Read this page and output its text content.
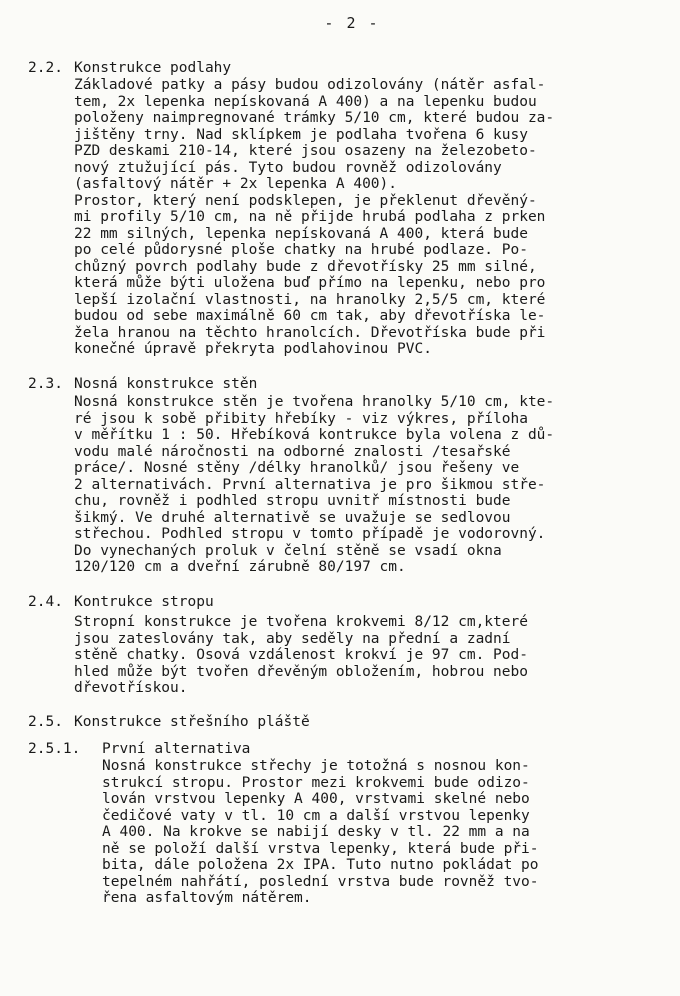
- 2 -
2.2. Konstrukce podlahy
Základové patky a pásy budou odizolovány (nátěr asfal-
tem, 2x lepenka nepískovaná A 400) a na lepenku budou
položeny naimpregnované trámky 5/10 cm, které budou za-
jištěny trny. Nad sklípkem je podlaha tvořena 6 kusy
PZD deskami 210-14, které jsou osazeny na železobeto-
nový ztužující pás. Tyto budou rovněž odizolovány
(asfaltový nátěr + 2x lepenka A 400).
Prostor, který není podsklepen, je překlenut dřevěný-
mi profily 5/10 cm, na ně přijde hrubá podlaha z prken
22 mm silných, lepenka nepískovaná A 400, která bude
po celé půdorysné ploše chatky na hrubé podlaze. Po-
chůzný povrch podlahy bude z dřevotřísky 25 mm silné,
která může býti uložena buď přímo na lepenku, nebo pro
lepší izolační vlastnosti, na hranolky 2,5/5 cm, které
budou od sebe maximálně 60 cm tak, aby dřevotříska le-
žela hranou na těchto hranolcích. Dřevotříska bude při
konečné úpravě překryta podlahovinou PVC.
2.3. Nosná konstrukce stěn
Nosná konstrukce stěn je tvořena hranolky 5/10 cm, kte-
ré jsou k sobě přibity hřebíky - viz výkres, příloha
v měřítku 1 : 50. Hřebíková kontrukce byla volena z dů-
vodu malé náročnosti na odborné znalosti /tesařské
práce/. Nosné stěny /délky hranolků/ jsou řešeny ve
2 alternativách. První alternativa je pro šikmou stře-
chu, rovněž i podhled stropu uvnitř místnosti bude
šikmý. Ve druhé alternativě se uvažuje se sedlovou
střechou. Podhled stropu v tomto případě je vodorovný.
Do vynechaných proluk v čelní stěně se vsadí okna
120/120 cm a dveřní zárubně 80/197 cm.
2.4. Kontrukce stropu
Stropní konstrukce je tvořena krokvemi 8/12 cm,které
jsou zateslovány tak, aby seděly na přední a zadní
stěně chatky. Osová vzdálenost krokví je 97 cm. Pod-
hled může být tvořen dřevěným obložením, hobrou nebo
dřevotřískou.
2.5. Konstrukce střešního pláště
2.5.1. První alternativa
Nosná konstrukce střechy je totožná s nosnou kon-
strukcí stropu. Prostor mezi krokvemi bude odizo-
lován vrstvou lepenky A 400, vrstvami skelné nebo
čedičové vaty v tl. 10 cm a další vrstvou lepenky
A 400. Na krokve se nabijí desky v tl. 22 mm a na
ně se položí další vrstva lepenky, která bude při-
bita, dále položena 2x IPA. Tuto nutno pokládat po
tepelném nahřátí, poslední vrstva bude rovněž tvo-
řena asfaltovým nátěrem.
